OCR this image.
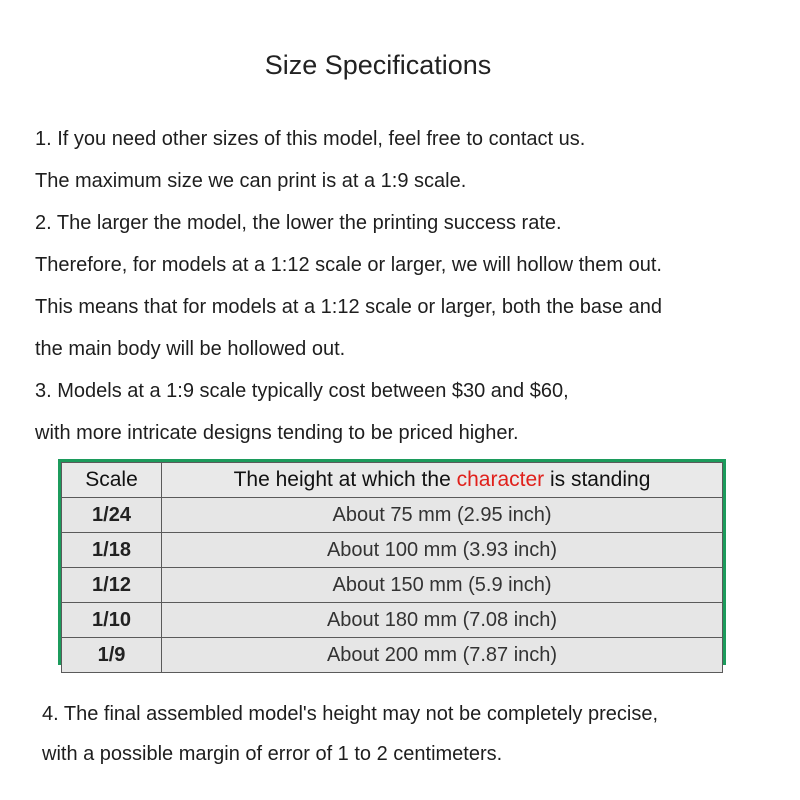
Size Specifications
1. If you need other sizes of this model, feel free to contact us.
The maximum size we can print is at a 1:9 scale.
2. The larger the model, the lower the printing success rate.
Therefore, for models at a 1:12 scale or larger, we will hollow them out.
This means that for models at a 1:12 scale or larger, both the base and
the main body will be hollowed out.
3. Models at a 1:9 scale typically cost between $30 and $60,
with more intricate designs tending to be priced higher.
Scale	The height at which the character is standing
1/24	About 75 mm (2.95 inch)
1/18	About 100 mm (3.93 inch)
1/12	About 150 mm (5.9 inch)
1/10	About 180 mm (7.08 inch)
1/9	About 200 mm (7.87 inch)
4. The final assembled model's height may not be completely precise,
with a possible margin of error of 1 to 2 centimeters.
